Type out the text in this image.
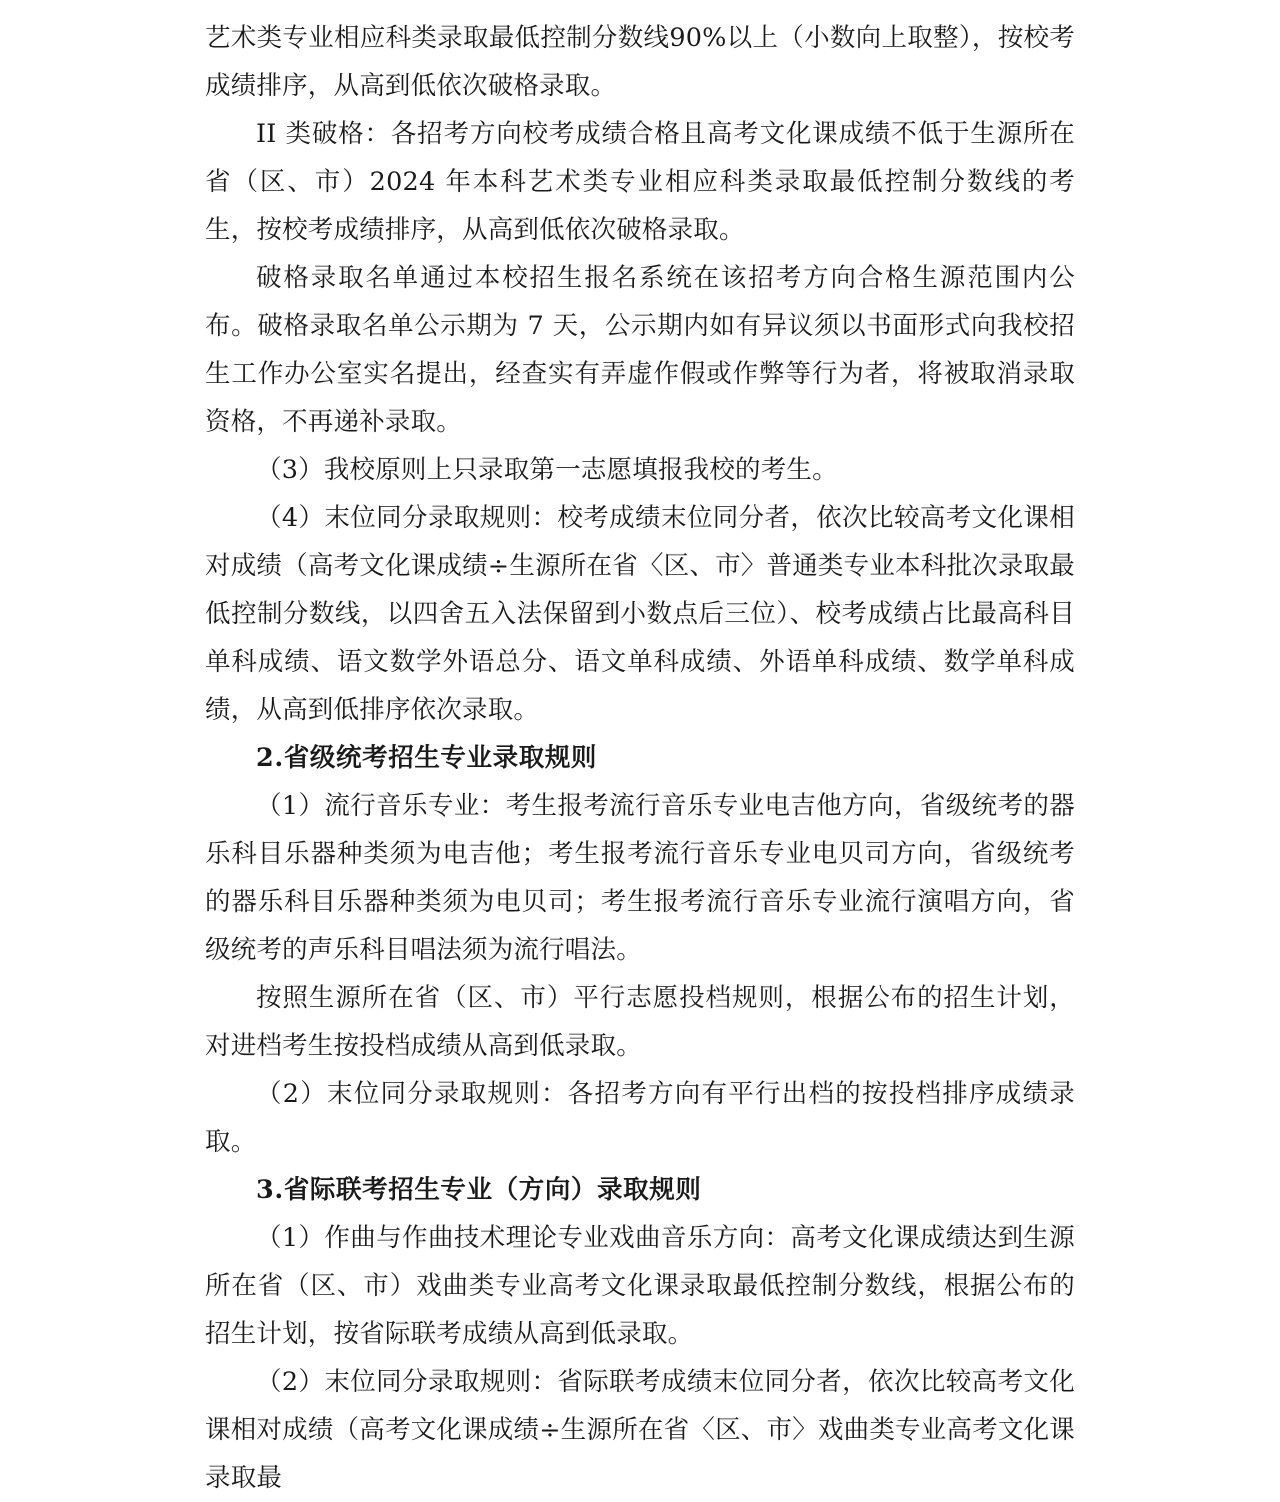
艺术类专业相应科类录取最低控制分数线90%以上（小数向上取整），按校考成绩排序，从高到低依次破格录取。

II 类破格：各招考方向校考成绩合格且高考文化课成绩不低于生源所在省（区、市）2024 年本科艺术类专业相应科类录取最低控制分数线的考生，按校考成绩排序，从高到低依次破格录取。

破格录取名单通过本校招生报名系统在该招考方向合格生源范围内公布。破格录取名单公示期为 7 天，公示期内如有异议须以书面形式向我校招生工作办公室实名提出，经查实有弄虚作假或作弊等行为者，将被取消录取资格，不再递补录取。

（3）我校原则上只录取第一志愿填报我校的考生。

（4）末位同分录取规则：校考成绩末位同分者，依次比较高考文化课相对成绩（高考文化课成绩÷生源所在省〈区、市〉普通类专业本科批次录取最低控制分数线，以四舍五入法保留到小数点后三位）、校考成绩占比最高科目单科成绩、语文数学外语总分、语文单科成绩、外语单科成绩、数学单科成绩，从高到低排序依次录取。

2.省级统考招生专业录取规则

（1）流行音乐专业：考生报考流行音乐专业电吉他方向，省级统考的器乐科目乐器种类须为电吉他；考生报考流行音乐专业电贝司方向，省级统考的器乐科目乐器种类须为电贝司；考生报考流行音乐专业流行演唱方向，省级统考的声乐科目唱法须为流行唱法。

按照生源所在省（区、市）平行志愿投档规则，根据公布的招生计划，对进档考生按投档成绩从高到低录取。

（2）末位同分录取规则：各招考方向有平行出档的按投档排序成绩录取。

3.省际联考招生专业（方向）录取规则

（1）作曲与作曲技术理论专业戏曲音乐方向：高考文化课成绩达到生源所在省（区、市）戏曲类专业高考文化课录取最低控制分数线，根据公布的招生计划，按省际联考成绩从高到低录取。

（2）末位同分录取规则：省际联考成绩末位同分者，依次比较高考文化课相对成绩（高考文化课成绩÷生源所在省〈区、市〉戏曲类专业高考文化课录取最
